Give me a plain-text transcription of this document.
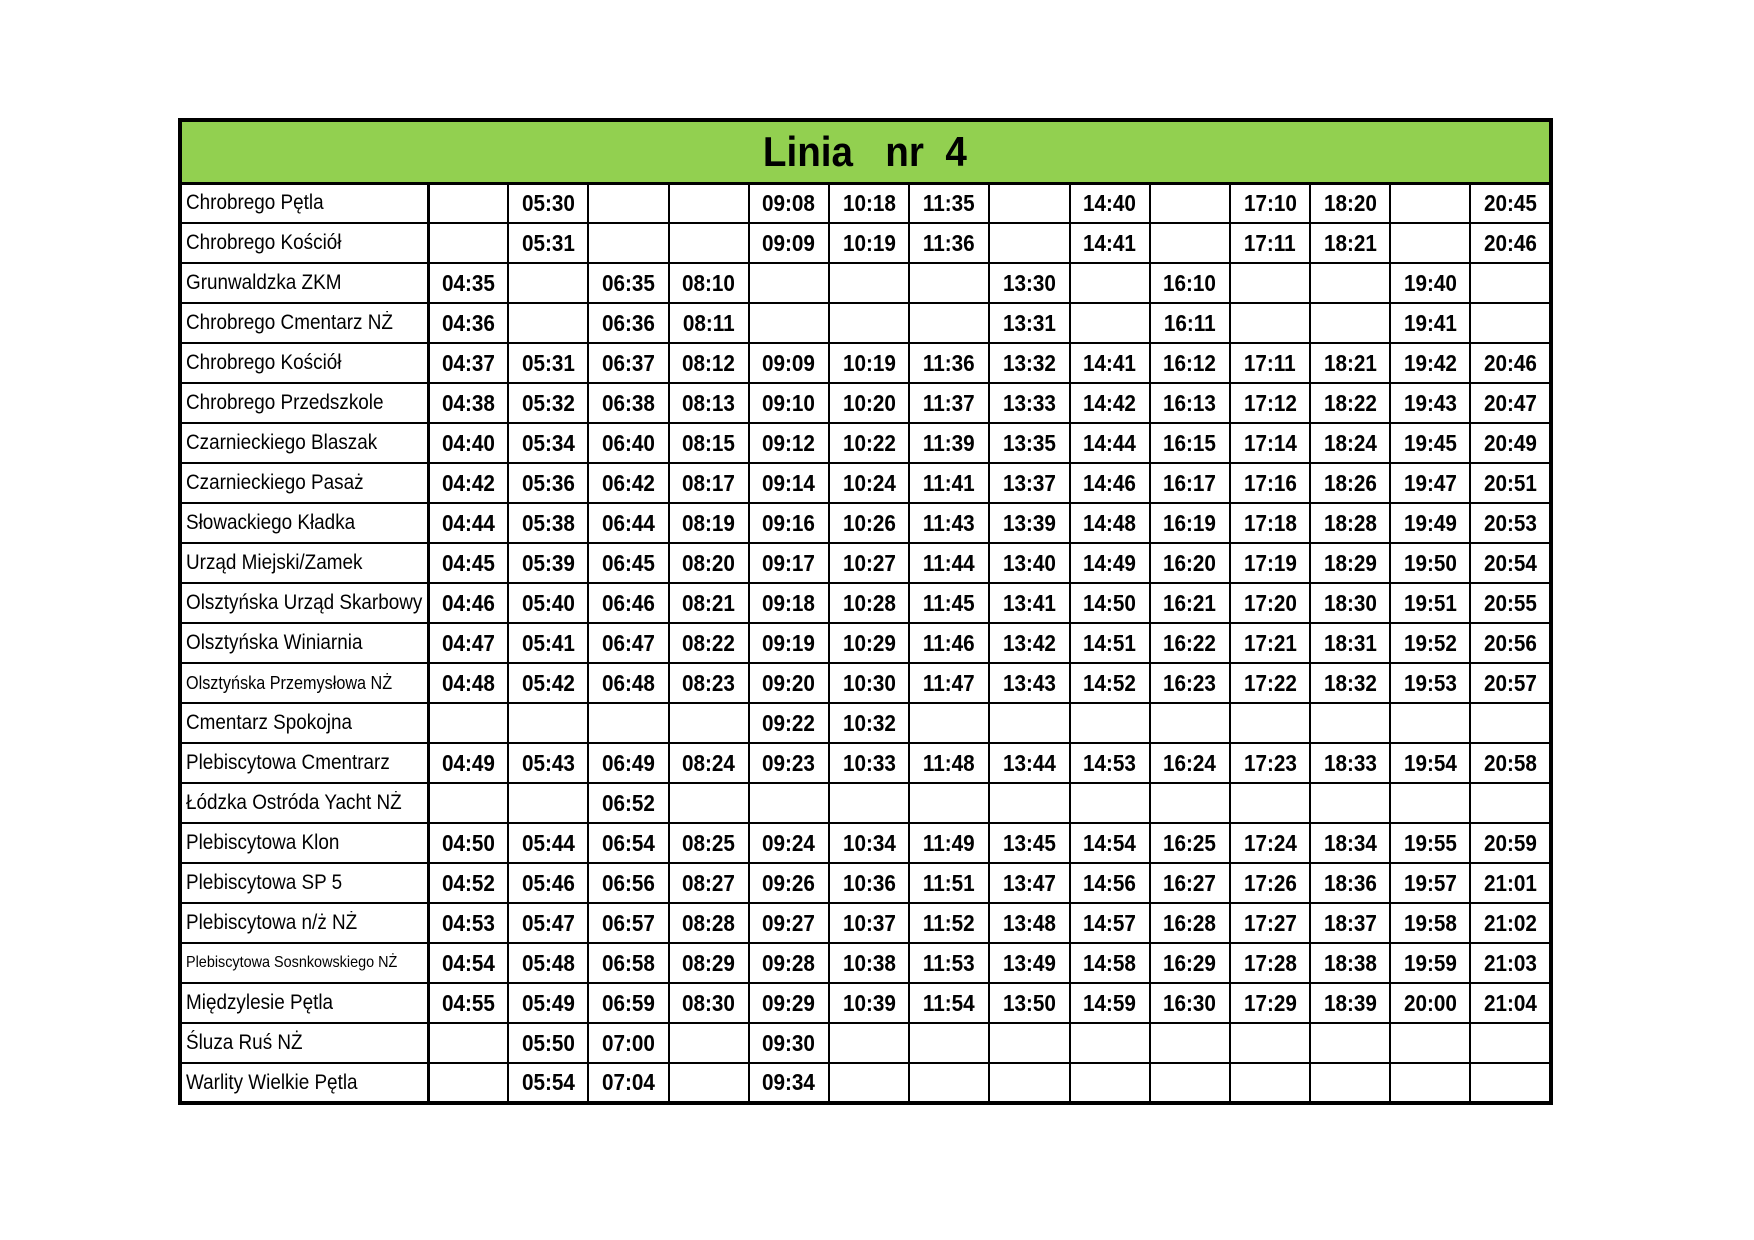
Linia   nr  4														
Chrobrego Pętla		05:30			09:08	10:18	11:35		14:40		17:10	18:20		20:45
Chrobrego Kościół		05:31			09:09	10:19	11:36		14:41		17:11	18:21		20:46
Grunwaldzka ZKM	04:35		06:35	08:10				13:30		16:10			19:40	
Chrobrego Cmentarz NŻ	04:36		06:36	08:11				13:31		16:11			19:41	
Chrobrego Kościół	04:37	05:31	06:37	08:12	09:09	10:19	11:36	13:32	14:41	16:12	17:11	18:21	19:42	20:46
Chrobrego Przedszkole	04:38	05:32	06:38	08:13	09:10	10:20	11:37	13:33	14:42	16:13	17:12	18:22	19:43	20:47
Czarnieckiego Blaszak	04:40	05:34	06:40	08:15	09:12	10:22	11:39	13:35	14:44	16:15	17:14	18:24	19:45	20:49
Czarnieckiego Pasaż	04:42	05:36	06:42	08:17	09:14	10:24	11:41	13:37	14:46	16:17	17:16	18:26	19:47	20:51
Słowackiego Kładka	04:44	05:38	06:44	08:19	09:16	10:26	11:43	13:39	14:48	16:19	17:18	18:28	19:49	20:53
Urząd Miejski/Zamek	04:45	05:39	06:45	08:20	09:17	10:27	11:44	13:40	14:49	16:20	17:19	18:29	19:50	20:54
Olsztyńska Urząd Skarbowy	04:46	05:40	06:46	08:21	09:18	10:28	11:45	13:41	14:50	16:21	17:20	18:30	19:51	20:55
Olsztyńska Winiarnia	04:47	05:41	06:47	08:22	09:19	10:29	11:46	13:42	14:51	16:22	17:21	18:31	19:52	20:56
Olsztyńska Przemysłowa NŻ	04:48	05:42	06:48	08:23	09:20	10:30	11:47	13:43	14:52	16:23	17:22	18:32	19:53	20:57
Cmentarz Spokojna					09:22	10:32								
Plebiscytowa Cmentrarz	04:49	05:43	06:49	08:24	09:23	10:33	11:48	13:44	14:53	16:24	17:23	18:33	19:54	20:58
Łódzka Ostróda Yacht NŻ			06:52											
Plebiscytowa Klon	04:50	05:44	06:54	08:25	09:24	10:34	11:49	13:45	14:54	16:25	17:24	18:34	19:55	20:59
Plebiscytowa SP 5	04:52	05:46	06:56	08:27	09:26	10:36	11:51	13:47	14:56	16:27	17:26	18:36	19:57	21:01
Plebiscytowa n/ż NŻ	04:53	05:47	06:57	08:28	09:27	10:37	11:52	13:48	14:57	16:28	17:27	18:37	19:58	21:02
Plebiscytowa Sosnkowskiego NŻ	04:54	05:48	06:58	08:29	09:28	10:38	11:53	13:49	14:58	16:29	17:28	18:38	19:59	21:03
Międzylesie Pętla	04:55	05:49	06:59	08:30	09:29	10:39	11:54	13:50	14:59	16:30	17:29	18:39	20:00	21:04
Śluza Ruś NŻ		05:50	07:00		09:30									
Warlity Wielkie Pętla		05:54	07:04		09:34									
